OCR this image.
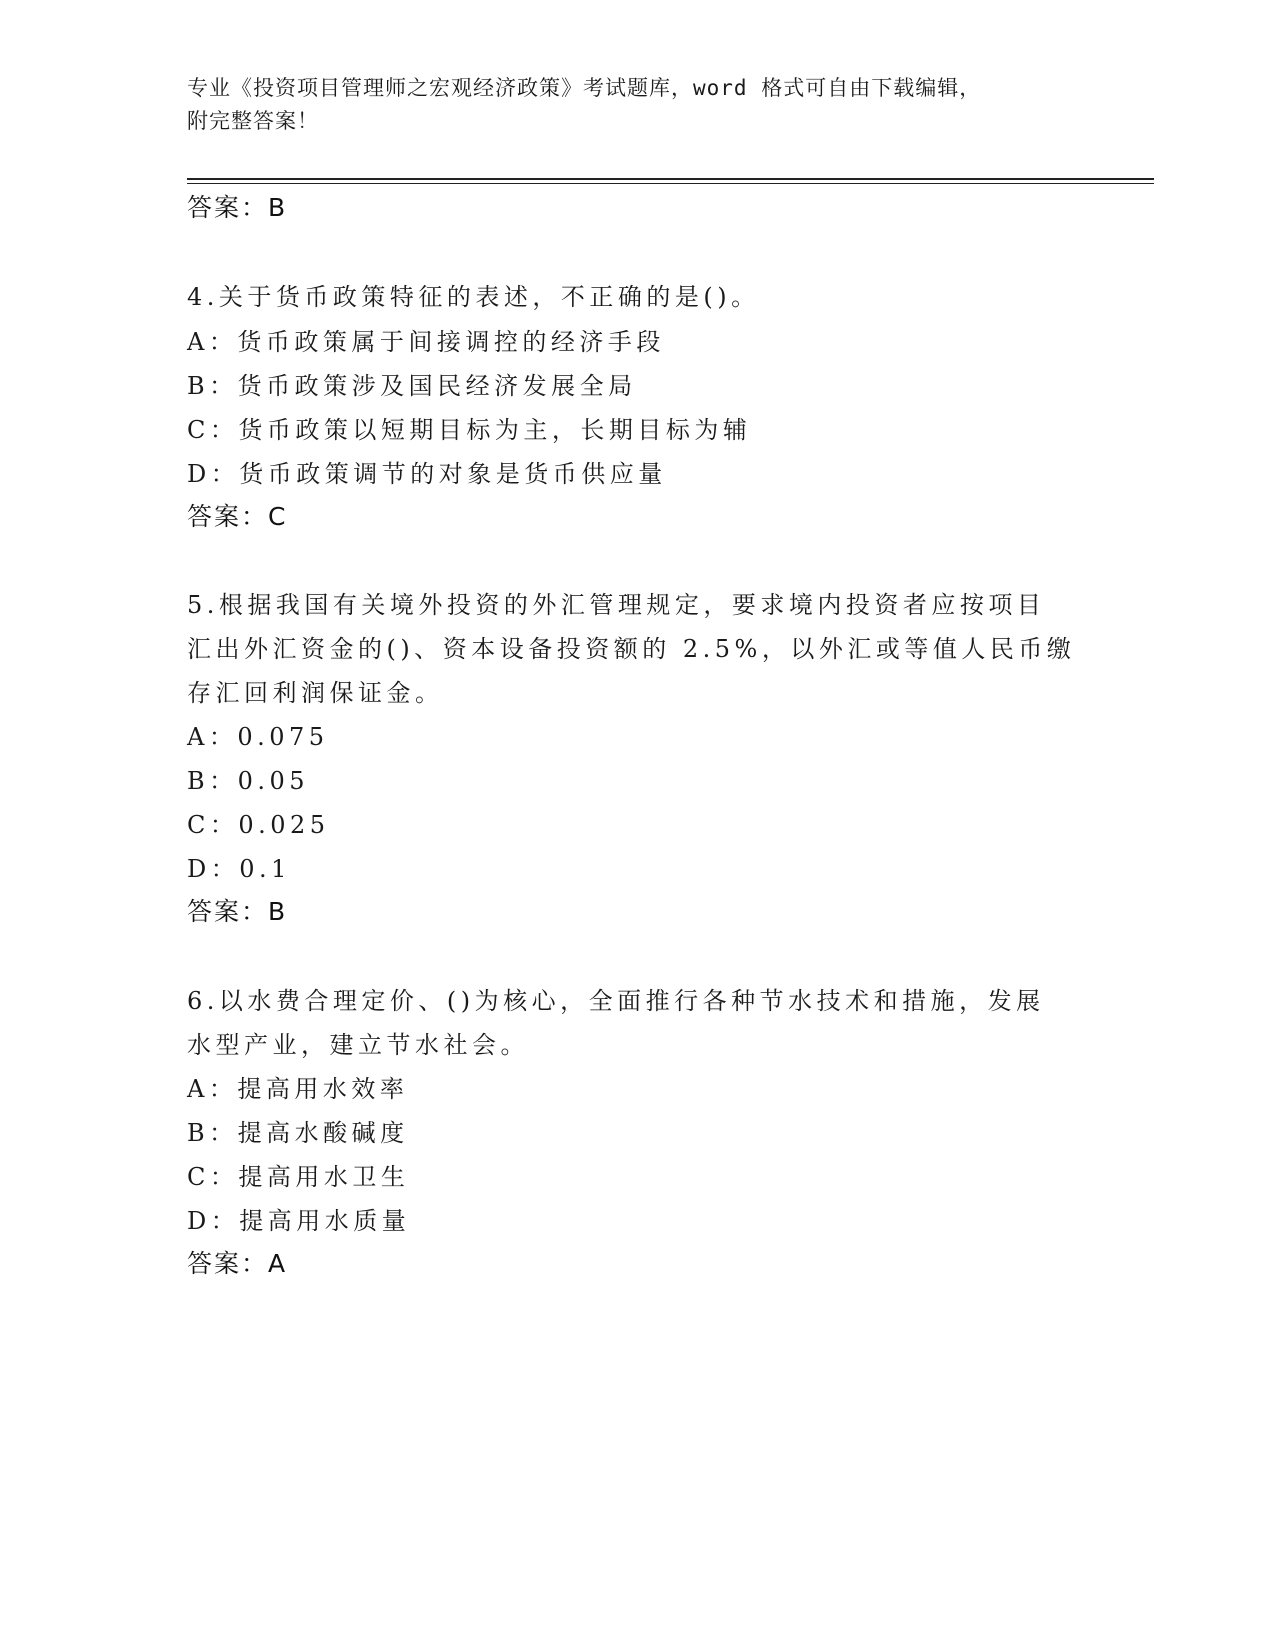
专业《投资项目管理师之宏观经济政策》考试题库，word 格式可自由下载编辑，
附完整答案！
答案：B
4.关于货币政策特征的表述，不正确的是()。
A：货币政策属于间接调控的经济手段
B：货币政策涉及国民经济发展全局
C：货币政策以短期目标为主，长期目标为辅
D：货币政策调节的对象是货币供应量
答案：C
5.根据我国有关境外投资的外汇管理规定，要求境内投资者应按项目
汇出外汇资金的()、资本设备投资额的 2.5%，以外汇或等值人民币缴
存汇回利润保证金。
A：0.075
B：0.05
C：0.025
D：0.1
答案：B
6.以水费合理定价、()为核心，全面推行各种节水技术和措施，发展
水型产业，建立节水社会。
A：提高用水效率
B：提高水酸碱度
C：提高用水卫生
D：提高用水质量
答案：A
